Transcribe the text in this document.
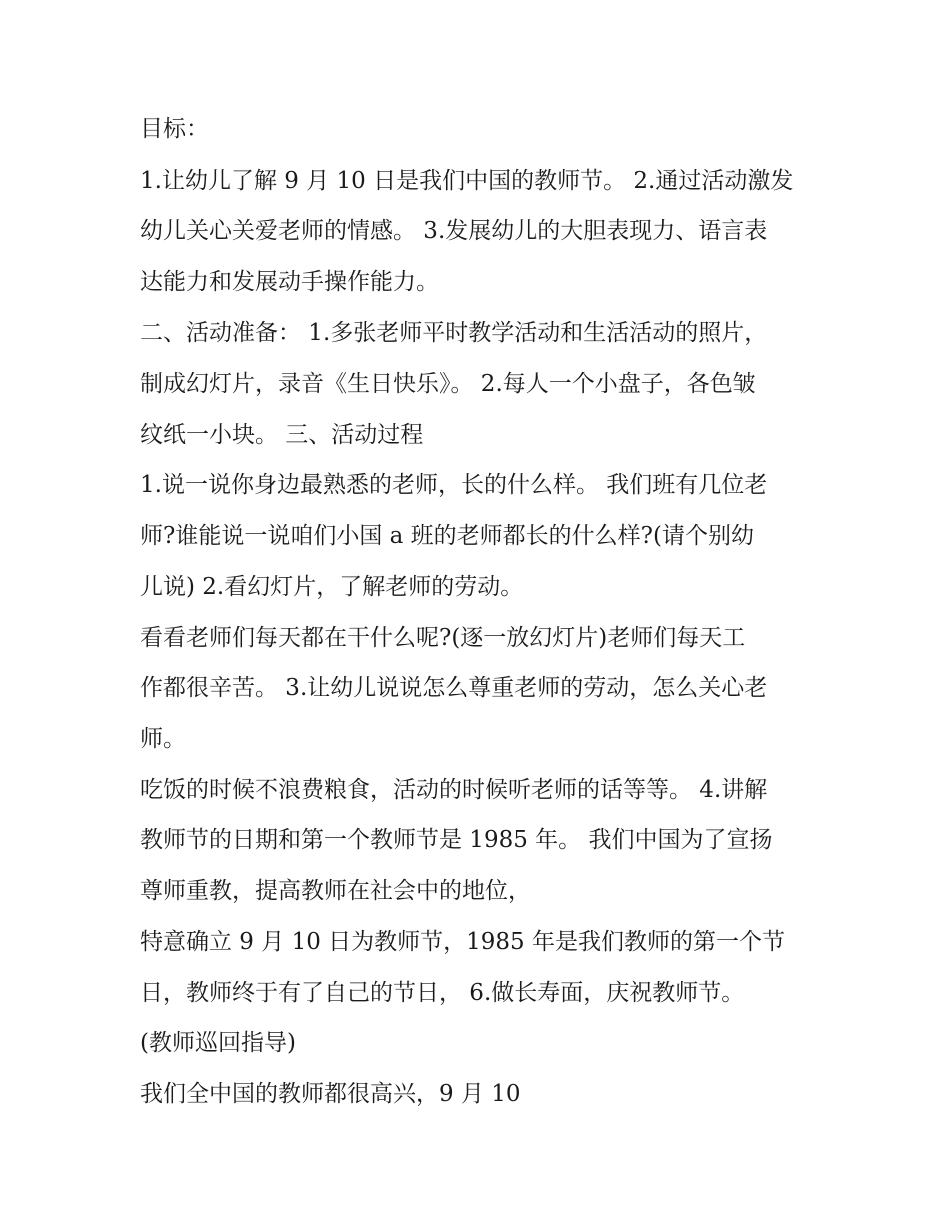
目标：
1.让幼儿了解 9 月 10 日是我们中国的教师节。 2.通过活动激发
幼儿关心关爱老师的情感。 3.发展幼儿的大胆表现力、语言表
达能力和发展动手操作能力。
二、活动准备： 1.多张老师平时教学活动和生活活动的照片，
制成幻灯片，录音《生日快乐》。 2.每人一个小盘子，各色皱
纹纸一小块。 三、活动过程
1.说一说你身边最熟悉的老师，长的什么样。 我们班有几位老
师?谁能说一说咱们小国 a 班的老师都长的什么样?(请个别幼
儿说) 2.看幻灯片，了解老师的劳动。
看看老师们每天都在干什么呢?(逐一放幻灯片)老师们每天工
作都很辛苦。 3.让幼儿说说怎么尊重老师的劳动，怎么关心老
师。
吃饭的时候不浪费粮食，活动的时候听老师的话等等。 4.讲解
教师节的日期和第一个教师节是 1985 年。 我们中国为了宣扬
尊师重教，提高教师在社会中的地位，
特意确立 9 月 10 日为教师节，1985 年是我们教师的第一个节
日，教师终于有了自己的节日， 6.做长寿面，庆祝教师节。
(教师巡回指导)
我们全中国的教师都很高兴，9 月 10
